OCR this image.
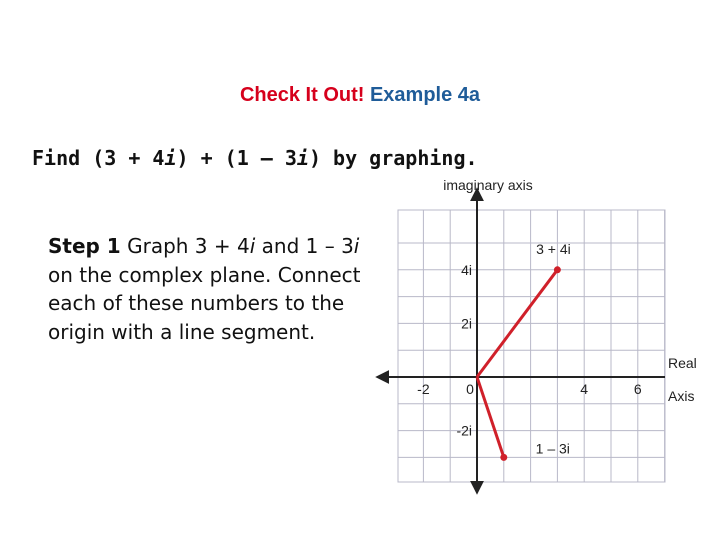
Check It Out! Example 4a
Find (3 + 4i) + (1 – 3i) by graphing.
Step 1 Graph 3 + 4i and 1 – 3i on the complex plane. Connect each of these numbers to the origin with a line segment.
-2	0	4	6
4i
2i
-2i
3 + 4i
1 – 3i
imaginary axis
Real
Axis
